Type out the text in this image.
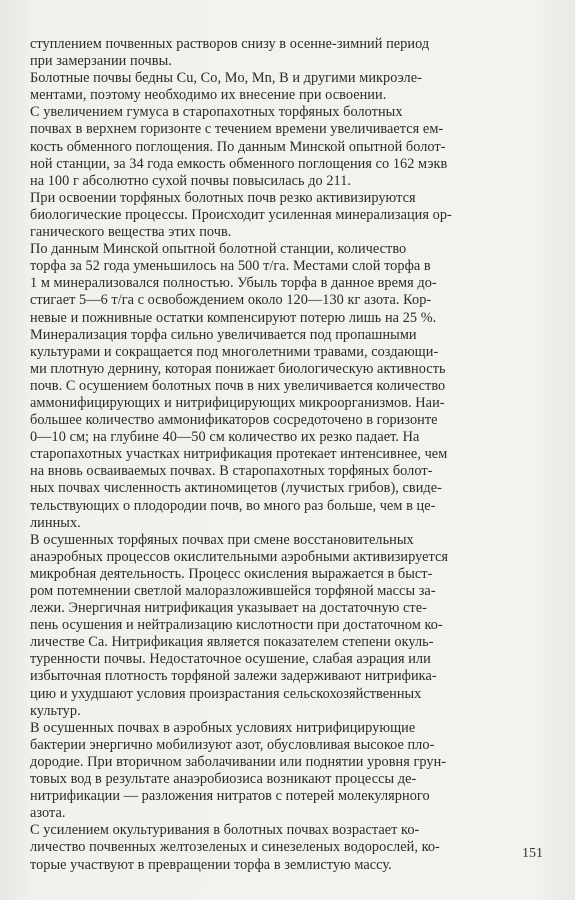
ступлением почвенных растворов снизу в осенне-зимний период
при замерзании почвы.

Болотные почвы бедны Cu, Co, Mo, Mn, B и другими микроэле-
ментами, поэтому необходимо их внесение при освоении.

С увеличением гумуса в старопахотных торфяных болотных
почвах в верхнем горизонте с течением времени увеличивается ем-
кость обменного поглощения. По данным Минской опытной болот-
ной станции, за 34 года емкость обменного поглощения со 162 мэкв
на 100 г абсолютно сухой почвы повысилась до 211.

При освоении торфяных болотных почв резко активизируются
биологические процессы. Происходит усиленная минерализация ор-
ганического вещества этих почв.

По данным Минской опытной болотной станции, количество
торфа за 52 года уменьшилось на 500 т/га. Местами слой торфа в
1 м минерализовался полностью. Убыль торфа в данное время до-
стигает 5—6 т/га с освобождением около 120—130 кг азота. Кор-
невые и пожнивные остатки компенсируют потерю лишь на 25 %.

Минерализация торфа сильно увеличивается под пропашными
культурами и сокращается под многолетними травами, создающи-
ми плотную дернину, которая понижает биологическую активность
почв. С осушением болотных почв в них увеличивается количество
аммонифицирующих и нитрифицирующих микроорганизмов. Наи-
большее количество аммонификаторов сосредоточено в горизонте
0—10 см; на глубине 40—50 см количество их резко падает. На
старопахотных участках нитрификация протекает интенсивнее, чем
на вновь осваиваемых почвах. В старопахотных торфяных болот-
ных почвах численность актиномицетов (лучистых грибов), свиде-
тельствующих о плодородии почв, во много раз больше, чем в це-
линных.

В осушенных торфяных почвах при смене восстановительных
анаэробных процессов окислительными аэробными активизируется
микробная деятельность. Процесс окисления выражается в быст-
ром потемнении светлой малоразложившейся торфяной массы за-
лежи. Энергичная нитрификация указывает на достаточную сте-
пень осушения и нейтрализацию кислотности при достаточном ко-
личестве Ca. Нитрификация является показателем степени окуль-
туренности почвы. Недостаточное осушение, слабая аэрация или
избыточная плотность торфяной залежи задерживают нитрифика-
цию и ухудшают условия произрастания сельскохозяйственных
культур.

В осушенных почвах в аэробных условиях нитрифицирующие
бактерии энергично мобилизуют азот, обусловливая высокое пло-
дородие. При вторичном заболачивании или поднятии уровня грун-
товых вод в результате анаэробиозиса возникают процессы де-
нитрификации — разложения нитратов с потерей молекулярного
азота.

С усилением окультуривания в болотных почвах возрастает ко-
личество почвенных желтозеленых и синезеленых водорослей, ко-
торые участвуют в превращении торфа в землистую массу.

151
